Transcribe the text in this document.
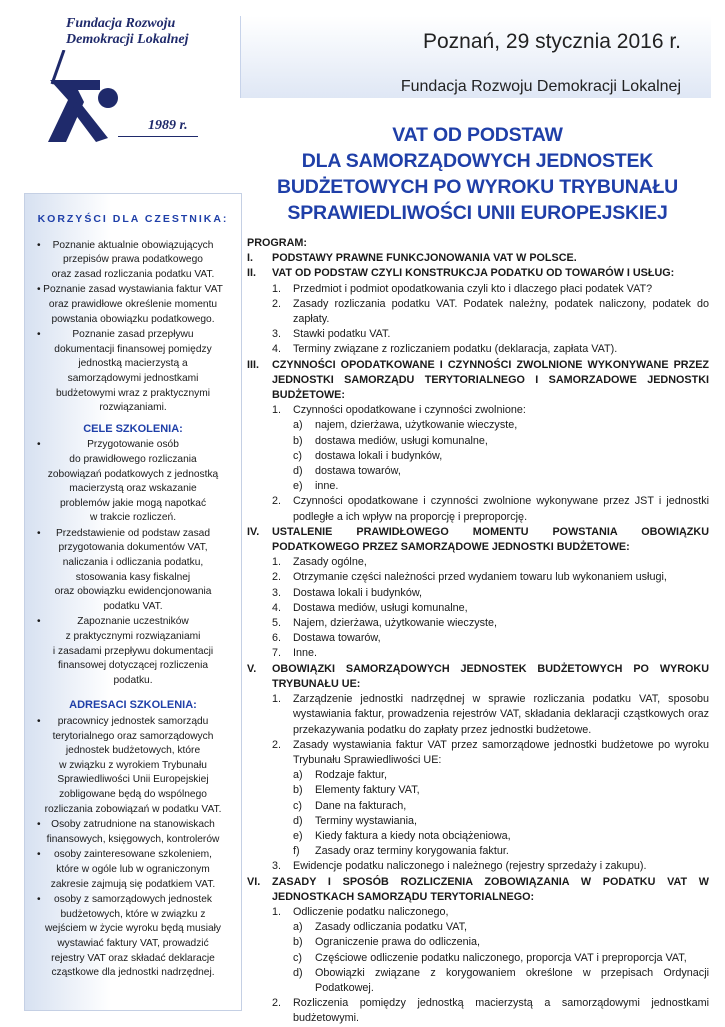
Fundacja Rozwoju
Demokracji Lokalnej
1989 r.
Poznań, 29 stycznia 2016 r.
Fundacja Rozwoju Demokracji Lokalnej
VAT OD PODSTAW
DLA SAMORZĄDOWYCH JEDNOSTEK
BUDŻETOWYCH PO WYROKU TRYBUNAŁU
SPRAWIEDLIWOŚCI UNII EUROPEJSKIEJ
KORZYŚCI DLA CZESTNIKA:
•	Poznanie aktualnie obowiązujących
przepisów prawa podatkowego
oraz zasad rozliczania podatku VAT.
• Poznanie zasad wystawiania faktur VAT
oraz prawidłowe określenie momentu
powstania obowiązku podatkowego.
•	Poznanie zasad przepływu
dokumentacji finansowej pomiędzy
jednostką macierzystą a
samorządowymi jednostkami
budżetowymi wraz z praktycznymi
rozwiązaniami.
CELE SZKOLENIA:
•	Przygotowanie osób
do prawidłowego rozliczania
zobowiązań podatkowych z jednostką
macierzystą oraz wskazanie
problemów jakie mogą napotkać
w trakcie rozliczeń.
•	Przedstawienie od podstaw zasad
przygotowania dokumentów VAT,
naliczania i odliczania podatku,
stosowania kasy fiskalnej
oraz obowiązku ewidencjonowania
podatku VAT.
•	Zapoznanie uczestników
z praktycznymi rozwiązaniami
i zasadami przepływu dokumentacji
finansowej dotyczącej rozliczenia
podatku.
ADRESACI SZKOLENIA:
•	pracownicy jednostek samorządu
terytorialnego oraz samorządowych
jednostek budżetowych, które
w związku z wyrokiem Trybunału
Sprawiedliwości Unii Europejskiej
zobligowane będą do wspólnego
rozliczania zobowiązań w podatku VAT.
•	Osoby zatrudnione na stanowiskach
finansowych, księgowych, kontrolerów
•	osoby zainteresowane szkoleniem,
które w ogóle lub w ograniczonym
zakresie zajmują się podatkiem VAT.
•	osoby z samorządowych jednostek
budżetowych, które w związku z
wejściem w życie wyroku będą musiały
wystawiać faktury VAT, prowadzić
rejestry VAT oraz składać deklaracje
cząstkowe dla jednostki nadrzędnej.
PROGRAM:
I.	PODSTAWY PRAWNE FUNKCJONOWANIA VAT W POLSCE.
II.	VAT OD PODSTAW CZYLI KONSTRUKCJA PODATKU OD TOWARÓW I USŁUG:
1.	Przedmiot i podmiot opodatkowania czyli kto i dlaczego płaci podatek VAT?
2.	Zasady rozliczania podatku VAT. Podatek należny, podatek naliczony, podatek do zapłaty.
3.	Stawki podatku VAT.
4.	Terminy związane z rozliczaniem podatku (deklaracja, zapłata VAT).
III.	CZYNNOŚCI OPODATKOWANE I CZYNNOŚCI ZWOLNIONE WYKONYWANE PRZEZ JEDNOSTKI SAMORZĄDU TERYTORIALNEGO I SAMORZADOWE JEDNOSTKI BUDŻETOWE:
1.	Czynności opodatkowane i czynności zwolnione:
a)	najem, dzierżawa, użytkowanie wieczyste,
b)	dostawa mediów, usługi komunalne,
c)	dostawa lokali i budynków,
d)	dostawa towarów,
e)	inne.
2.	Czynności opodatkowane i czynności zwolnione wykonywane przez JST i jednostki podległe a ich wpływ na proporcję i preproporcję.
IV.	USTALENIE PRAWIDŁOWEGO MOMENTU POWSTANIA OBOWIĄZKU PODATKOWEGO PRZEZ SAMORZĄDOWE JEDNOSTKI BUDŻETOWE:
1.	Zasady ogólne,
2.	Otrzymanie części należności przed wydaniem towaru lub wykonaniem usługi,
3.	Dostawa lokali i budynków,
4.	Dostawa mediów, usługi komunalne,
5.	Najem, dzierżawa, użytkowanie wieczyste,
6.	Dostawa towarów,
7.	Inne.
V.	OBOWIĄZKI SAMORZĄDOWYCH JEDNOSTEK BUDŻETOWYCH PO WYROKU TRYBUNAŁU UE:
1.	Zarządzenie jednostki nadrzędnej w sprawie rozliczania podatku VAT, sposobu wystawiania faktur, prowadzenia rejestrów VAT, składania deklaracji cząstkowych oraz przekazywania podatku do zapłaty przez jednostki budżetowe.
2.	Zasady wystawiania faktur VAT przez samorządowe jednostki budżetowe po wyroku Trybunału Sprawiedliwości UE:
a)	Rodzaje faktur,
b)	Elementy faktury VAT,
c)	Dane na fakturach,
d)	Terminy wystawiania,
e)	Kiedy faktura a kiedy nota obciążeniowa,
f)	Zasady oraz terminy korygowania faktur.
3.	Ewidencje podatku naliczonego i należnego (rejestry sprzedaży i zakupu).
VI.	ZASADY I SPOSÓB ROZLICZENIA ZOBOWIĄZANIA W PODATKU VAT W JEDNOSTKACH SAMORZĄDU TERYTORIALNEGO:
1.	Odliczenie podatku naliczonego,
a)	Zasady odliczania podatku VAT,
b)	Ograniczenie prawa do odliczenia,
c)	Częściowe odliczenie podatku naliczonego, proporcja VAT i preproporcja VAT,
d)	Obowiązki związane z korygowaniem określone w przepisach Ordynacji Podatkowej.
2.	Rozliczenia pomiędzy jednostką macierzystą a samorządowymi jednostkami budżetowymi.
